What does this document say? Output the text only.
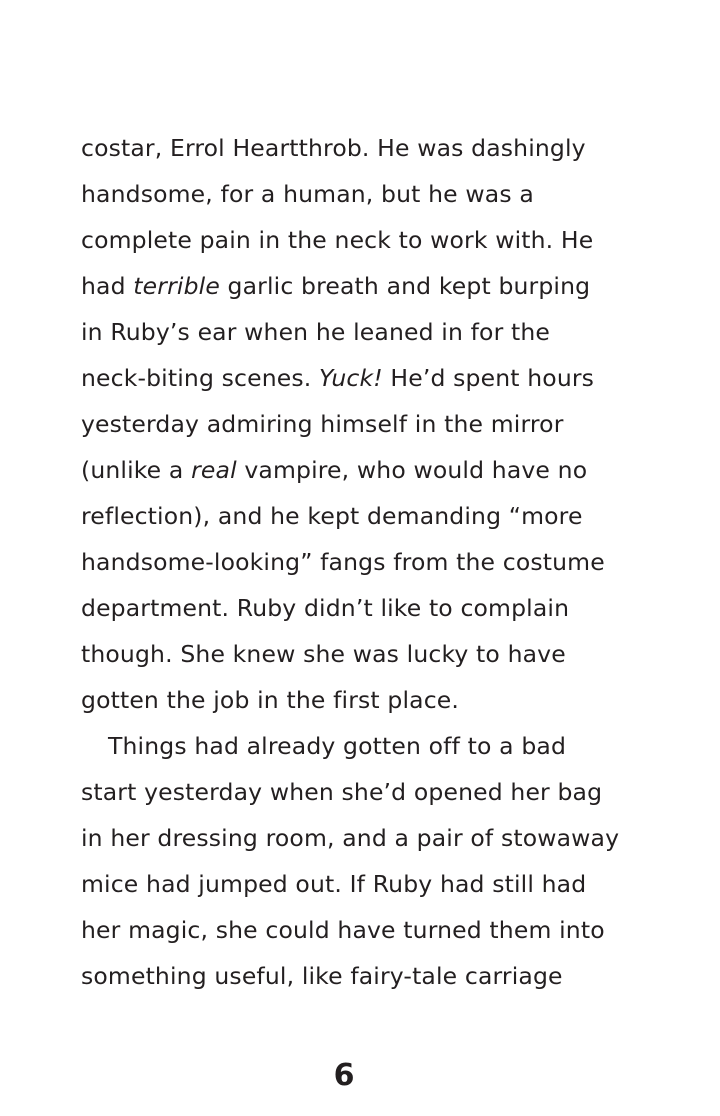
costar, Errol Heartthrob. He was dashingly
handsome, for a human, but he was a
complete pain in the neck to work with. He
had terrible garlic breath and kept burping
in Ruby’s ear when he leaned in for the
neck-biting scenes. Yuck! He’d spent hours
yesterday admiring himself in the mirror
(unlike a real vampire, who would have no
reflection), and he kept demanding “more
handsome-looking” fangs from the costume
department. Ruby didn’t like to complain
though. She knew she was lucky to have
gotten the job in the first place.
Things had already gotten off to a bad
start yesterday when she’d opened her bag
in her dressing room, and a pair of stowaway
mice had jumped out. If Ruby had still had
her magic, she could have turned them into
something useful, like fairy-tale carriage
6
